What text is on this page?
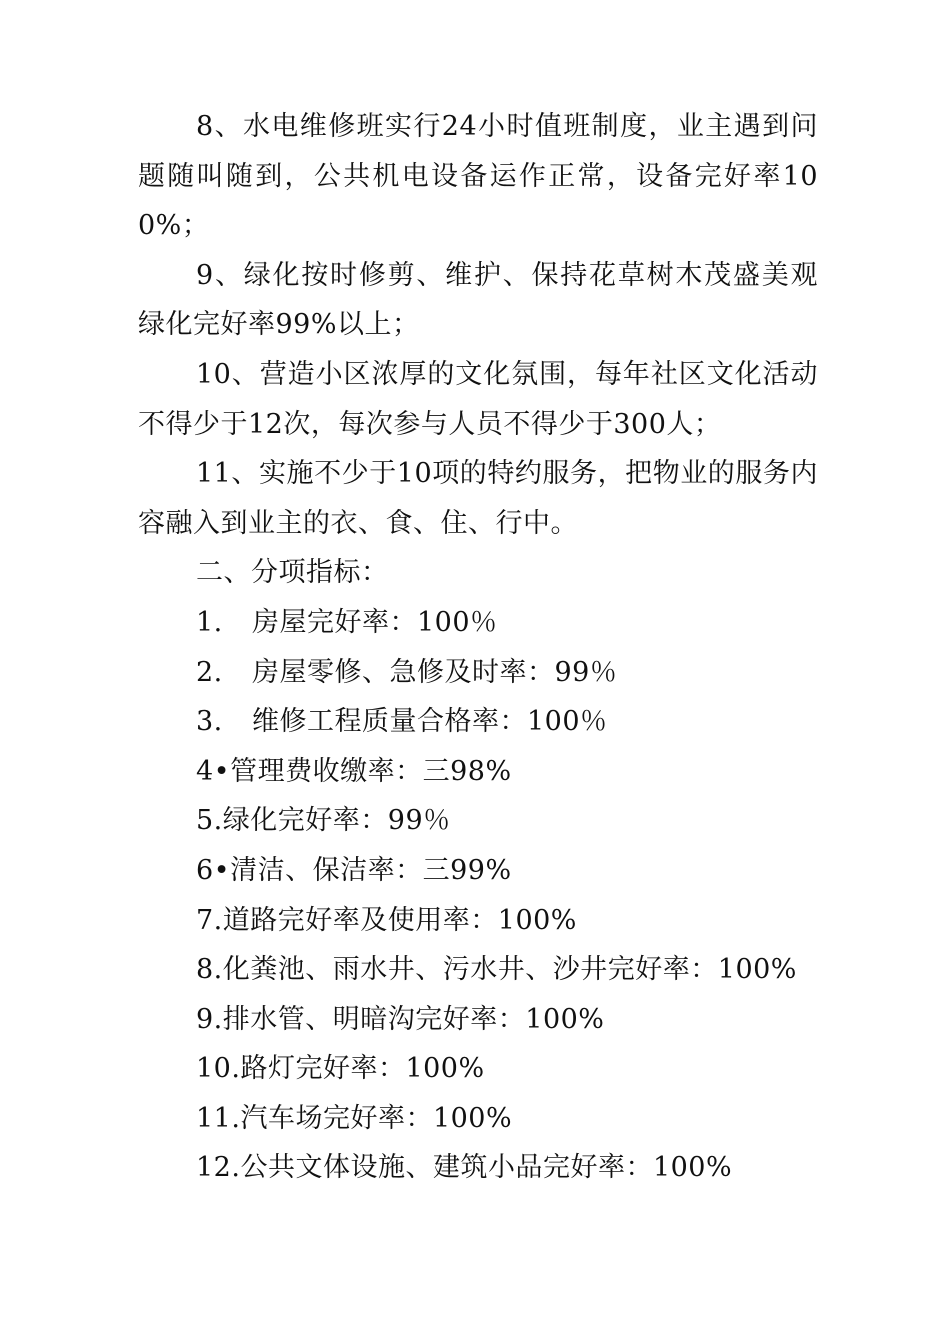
8、水电维修班实行24小时值班制度，业主遇到问题随叫随到，公共机电设备运作正常，设备完好率100%；

9、绿化按时修剪、维护、保持花草树木茂盛美观绿化完好率99%以上；

10、营造小区浓厚的文化氛围，每年社区文化活动不得少于12次，每次参与人员不得少于300人；

11、实施不少于10项的特约服务，把物业的服务内容融入到业主的衣、食、住、行中。

二、分项指标：

1. 房屋完好率：100％

2. 房屋零修、急修及时率：99％

3. 维修工程质量合格率：100％

4•管理费收缴率：三98%

5.绿化完好率：99％

6•清洁、保洁率：三99%

7.道路完好率及使用率：100%

8.化粪池、雨水井、污水井、沙井完好率：100%

9.排水管、明暗沟完好率：100%

10.路灯完好率：100%

11.汽车场完好率：100%

12.公共文体设施、建筑小品完好率：100%
